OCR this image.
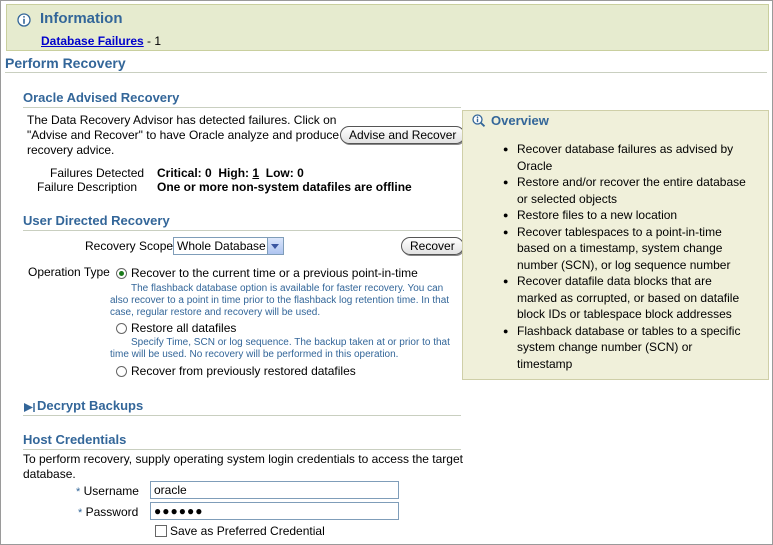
Information
Database Failures - 1
Perform Recovery
Oracle Advised Recovery
The Data Recovery Advisor has detected failures. Click on
"Advise and Recover" to have Oracle analyze and produce
recovery advice.
Advise and Recover
Failures Detected Critical: 0 High: 1 Low: 0
Failure Description One or more non-system datafiles are offline
User Directed Recovery
Recovery Scope Whole Database	Recover
Operation Type Recover to the current time or a previous point-in-time
The flashback database option is available for faster recovery. You can
also recover to a point in time prior to the flashback log retention time. In that
case, regular restore and recovery will be used.
Restore all datafiles
Specify Time, SCN or log sequence. The backup taken at or prior to that
time will be used. No recovery will be performed in this operation.
Recover from previously restored datafiles
Decrypt Backups
Host Credentials
To perform recovery, supply operating system login credentials to access the target
database.
* Username	oracle
* Password	●●●●●●
Save as Preferred Credential
Overview
● Recover database failures as advised by
Oracle
● Restore and/or recover the entire database
or selected objects
● Restore files to a new location
● Recover tablespaces to a point-in-time
based on a timestamp, system change
number (SCN), or log sequence number
● Recover datafile data blocks that are
marked as corrupted, or based on datafile
block IDs or tablespace block addresses
● Flashback database or tables to a specific
system change number (SCN) or
timestamp
